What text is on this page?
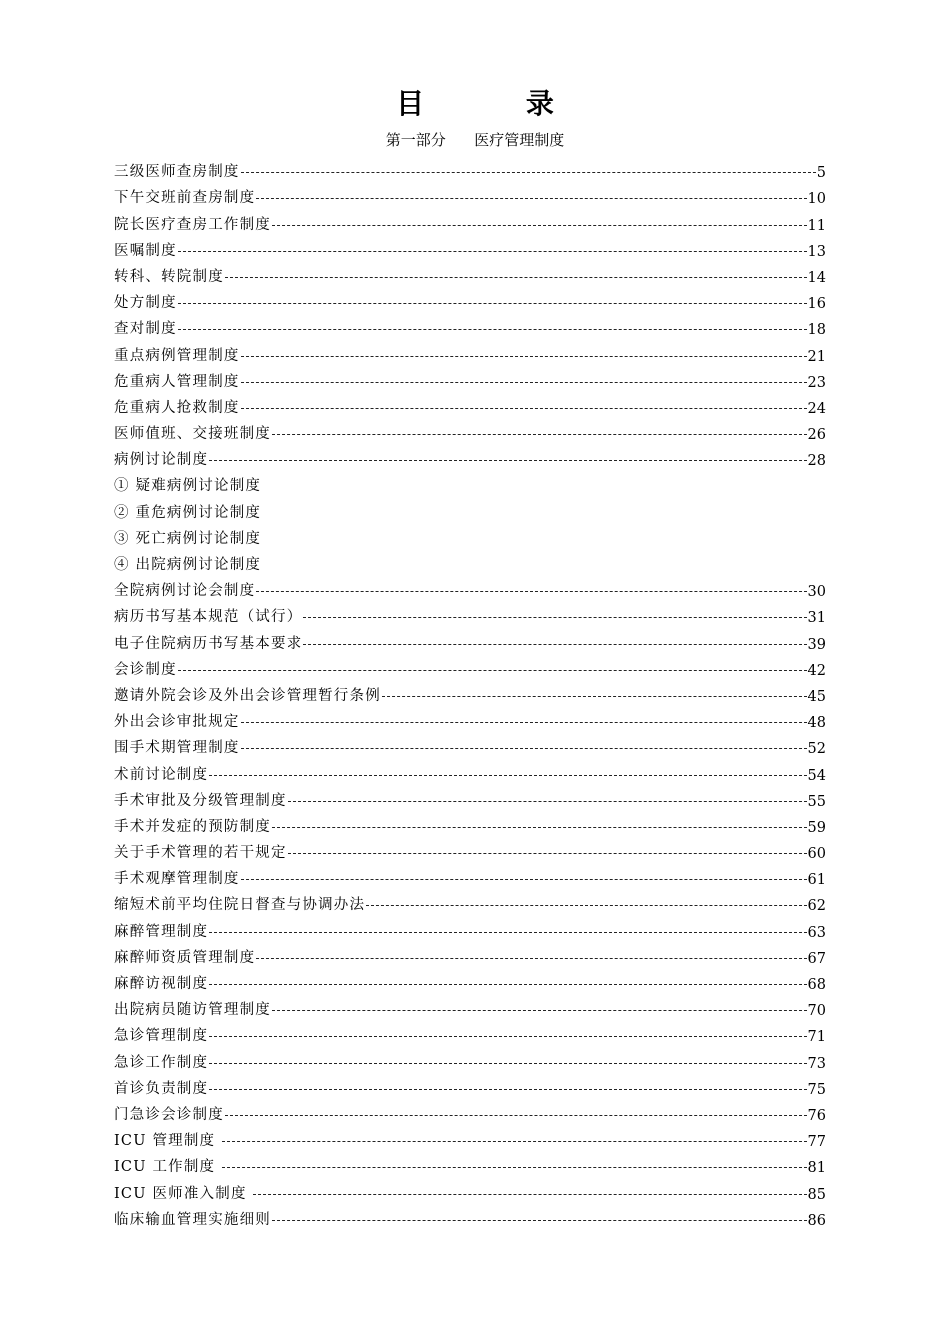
目 录
第一部分      医疗管理制度
三级医师查房制度	5
下午交班前查房制度	10
院长医疗查房工作制度	11
医嘱制度	13
转科、转院制度	14
处方制度	16
查对制度	18
重点病例管理制度	21
危重病人管理制度	23
危重病人抢救制度	24
医师值班、交接班制度	26
病例讨论制度	28
① 疑难病例讨论制度
② 重危病例讨论制度
③ 死亡病例讨论制度
④ 出院病例讨论制度
全院病例讨论会制度	30
病历书写基本规范（试行）	31
电子住院病历书写基本要求	39
会诊制度	42
邀请外院会诊及外出会诊管理暂行条例	45
外出会诊审批规定	48
围手术期管理制度	52
术前讨论制度	54
手术审批及分级管理制度	55
手术并发症的预防制度	59
关于手术管理的若干规定	60
手术观摩管理制度	61
缩短术前平均住院日督查与协调办法	62
麻醉管理制度	63
麻醉师资质管理制度	67
麻醉访视制度	68
出院病员随访管理制度	70
急诊管理制度	71
急诊工作制度	73
首诊负责制度	75
门急诊会诊制度	76
ICU 管理制度	77
ICU 工作制度	81
ICU 医师准入制度	85
临床输血管理实施细则	86
